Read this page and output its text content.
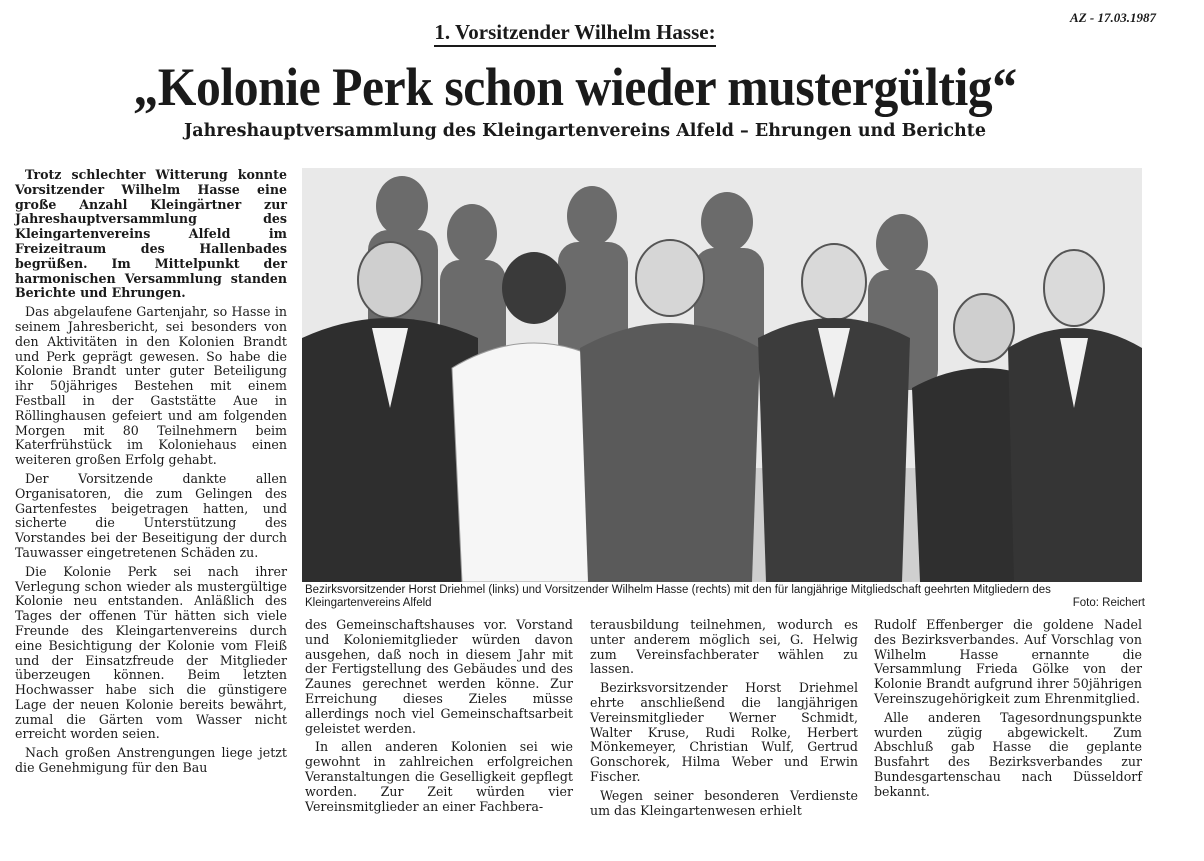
AZ - 17.03.1987
1. Vorsitzender Wilhelm Hasse:
„Kolonie Perk schon wieder mustergültig“
Jahreshauptversammlung des Kleingartenvereins Alfeld – Ehrungen und Berichte

Trotz schlechter Witterung konnte Vorsitzender Wilhelm Hasse eine große Anzahl Kleingärtner zur Jahreshauptversammlung des Kleingartenvereins Alfeld im Freizeitraum des Hallenbades begrüßen. Im Mittelpunkt der harmonischen Versammlung standen Berichte und Ehrungen.

Das abgelaufene Gartenjahr, so Hasse in seinem Jahresbericht, sei besonders von den Aktivitäten in den Kolonien Brandt und Perk geprägt gewesen. So habe die Kolonie Brandt unter guter Beteiligung ihr 50jähriges Bestehen mit einem Festball in der Gaststätte Aue in Röllinghausen gefeiert und am folgenden Morgen mit 80 Teilnehmern beim Katerfrühstück im Koloniehaus einen weiteren großen Erfolg gehabt.

Der Vorsitzende dankte allen Organisatoren, die zum Gelingen des Gartenfestes beigetragen hatten, und sicherte die Unterstützung des Vorstandes bei der Beseitigung der durch Tauwasser eingetretenen Schäden zu.

Die Kolonie Perk sei nach ihrer Verlegung schon wieder als mustergültige Kolonie neu entstanden. Anläßlich des Tages der offenen Tür hätten sich viele Freunde des Kleingartenvereins durch eine Besichtigung der Kolonie vom Fleiß und der Einsatzfreude der Mitglieder überzeugen können. Beim letzten Hochwasser habe sich die günstigere Lage der neuen Kolonie bereits bewährt, zumal die Gärten vom Wasser nicht erreicht worden seien.

Nach großen Anstrengungen liege jetzt die Genehmigung für den Bau

Bezirksvorsitzender Horst Driehmel (links) und Vorsitzender Wilhelm Hasse (rechts) mit den für langjährige Mitgliedschaft geehrten Mitgliedern des Kleingartenvereins Alfeld	Foto: Reichert

des Gemeinschaftshauses vor. Vorstand und Koloniemitglieder würden davon ausgehen, daß noch in diesem Jahr mit der Fertigstellung des Gebäudes und des Zaunes gerechnet werden könne. Zur Erreichung dieses Zieles müsse allerdings noch viel Gemeinschaftsarbeit geleistet werden.

In allen anderen Kolonien sei wie gewohnt in zahlreichen erfolgreichen Veranstaltungen die Geselligkeit gepflegt worden. Zur Zeit würden vier Vereinsmitglieder an einer Fachbera-

terausbildung teilnehmen, wodurch es unter anderem möglich sei, G. Helwig zum Vereinsfachberater wählen zu lassen.

Bezirksvorsitzender Horst Driehmel ehrte anschließend die langjährigen Vereinsmitglieder Werner Schmidt, Walter Kruse, Rudi Rolke, Herbert Mönkemeyer, Christian Wulf, Gertrud Gonschorek, Hilma Weber und Erwin Fischer.

Wegen seiner besonderen Verdienste um das Kleingartenwesen erhielt

Rudolf Effenberger die goldene Nadel des Bezirksverbandes. Auf Vorschlag von Wilhelm Hasse ernannte die Versammlung Frieda Gölke von der Kolonie Brandt aufgrund ihrer 50jährigen Vereinszugehörigkeit zum Ehrenmitglied.

Alle anderen Tagesordnungspunkte wurden zügig abgewickelt. Zum Abschluß gab Hasse die geplante Busfahrt des Bezirksverbandes zur Bundesgartenschau nach Düsseldorf bekannt.
